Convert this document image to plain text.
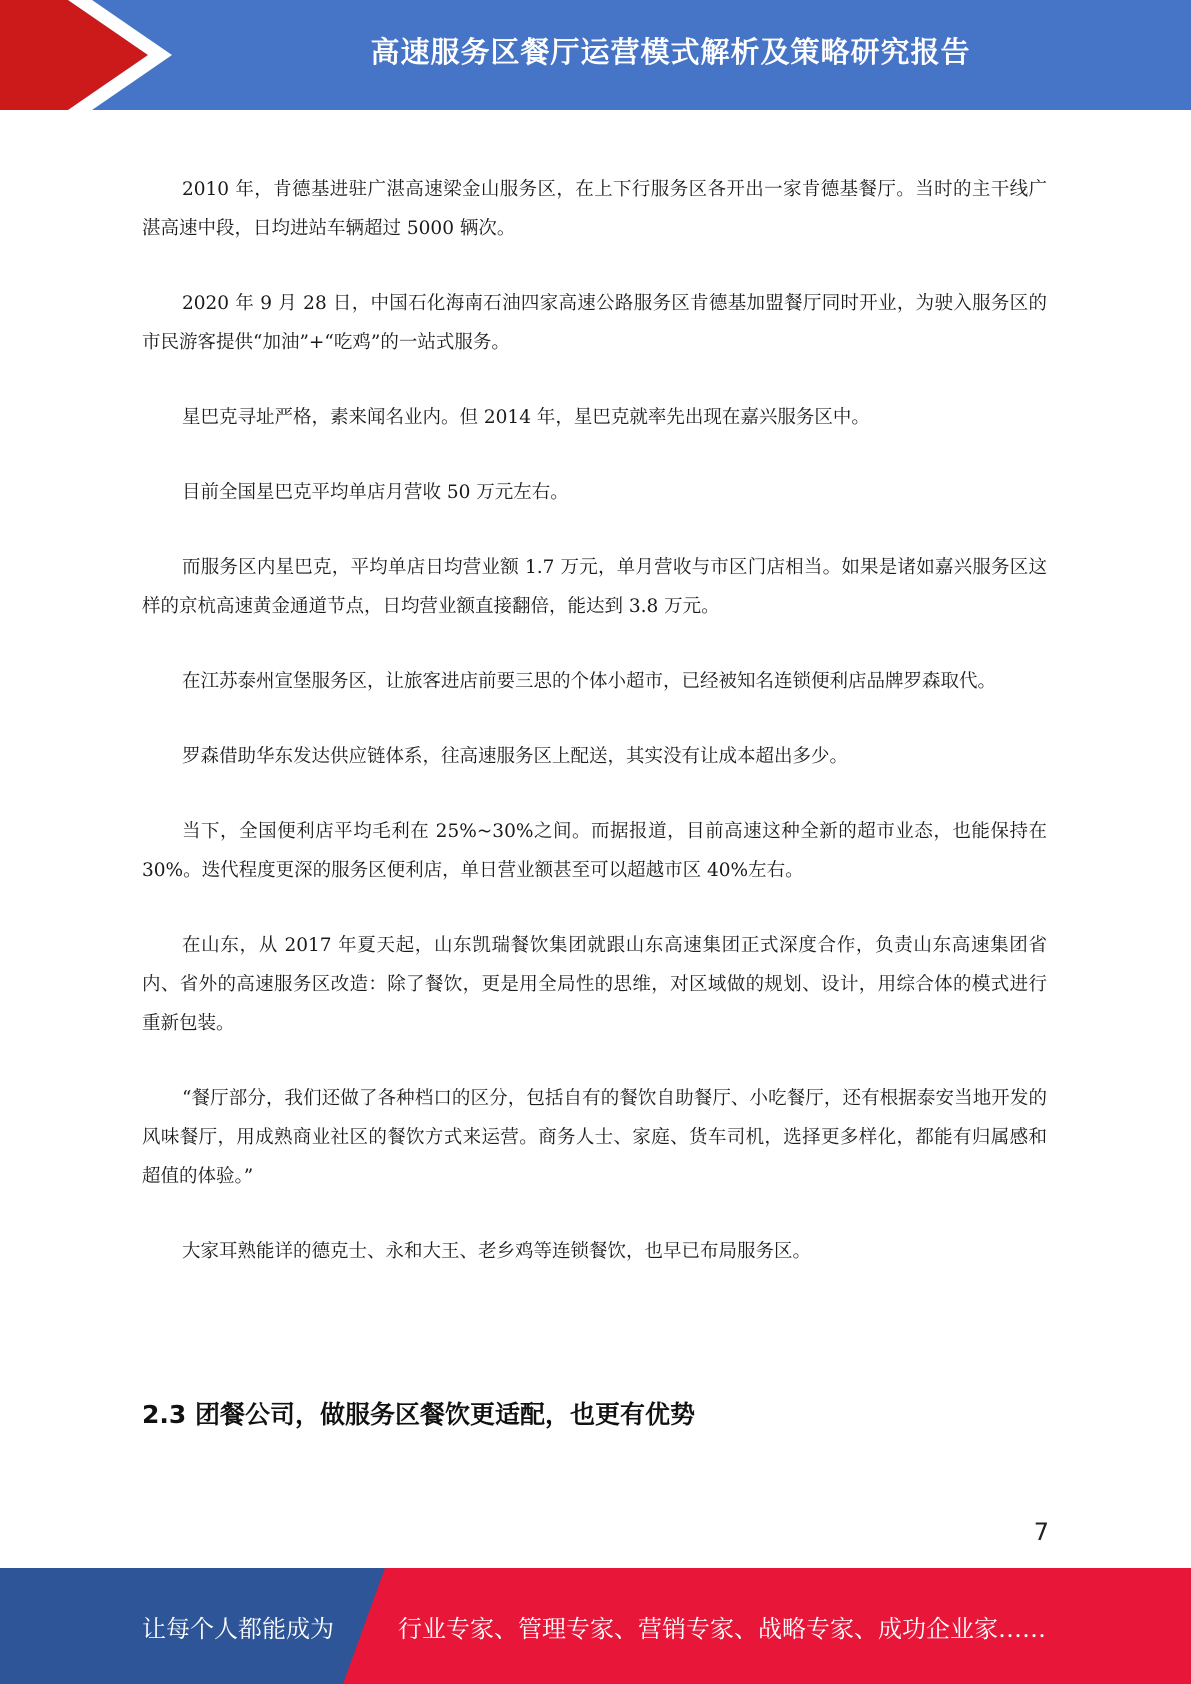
高速服务区餐厅运营模式解析及策略研究报告

2010 年，肯德基进驻广湛高速梁金山服务区，在上下行服务区各开出一家肯德基餐厅。当时的主干线广湛高速中段，日均进站车辆超过 5000 辆次。

2020 年 9 月 28 日，中国石化海南石油四家高速公路服务区肯德基加盟餐厅同时开业，为驶入服务区的市民游客提供“加油”+“吃鸡”的一站式服务。

星巴克寻址严格，素来闻名业内。但 2014 年，星巴克就率先出现在嘉兴服务区中。

目前全国星巴克平均单店月营收 50 万元左右。

而服务区内星巴克，平均单店日均营业额 1.7 万元，单月营收与市区门店相当。如果是诸如嘉兴服务区这样的京杭高速黄金通道节点，日均营业额直接翻倍，能达到 3.8 万元。

在江苏泰州宣堡服务区，让旅客进店前要三思的个体小超市，已经被知名连锁便利店品牌罗森取代。

罗森借助华东发达供应链体系，往高速服务区上配送，其实没有让成本超出多少。

当下，全国便利店平均毛利在 25%~30%之间。而据报道，目前高速这种全新的超市业态，也能保持在 30%。迭代程度更深的服务区便利店，单日营业额甚至可以超越市区 40%左右。

在山东，从 2017 年夏天起，山东凯瑞餐饮集团就跟山东高速集团正式深度合作，负责山东高速集团省内、省外的高速服务区改造：除了餐饮，更是用全局性的思维，对区域做的规划、设计，用综合体的模式进行重新包装。

“餐厅部分，我们还做了各种档口的区分，包括自有的餐饮自助餐厅、小吃餐厅，还有根据泰安当地开发的风味餐厅，用成熟商业社区的餐饮方式来运营。商务人士、家庭、货车司机，选择更多样化，都能有归属感和超值的体验。”

大家耳熟能详的德克士、永和大王、老乡鸡等连锁餐饮，也早已布局服务区。

2.3 团餐公司，做服务区餐饮更适配，也更有优势
7
让每个人都能成为	行业专家、管理专家、营销专家、战略专家、成功企业家……
